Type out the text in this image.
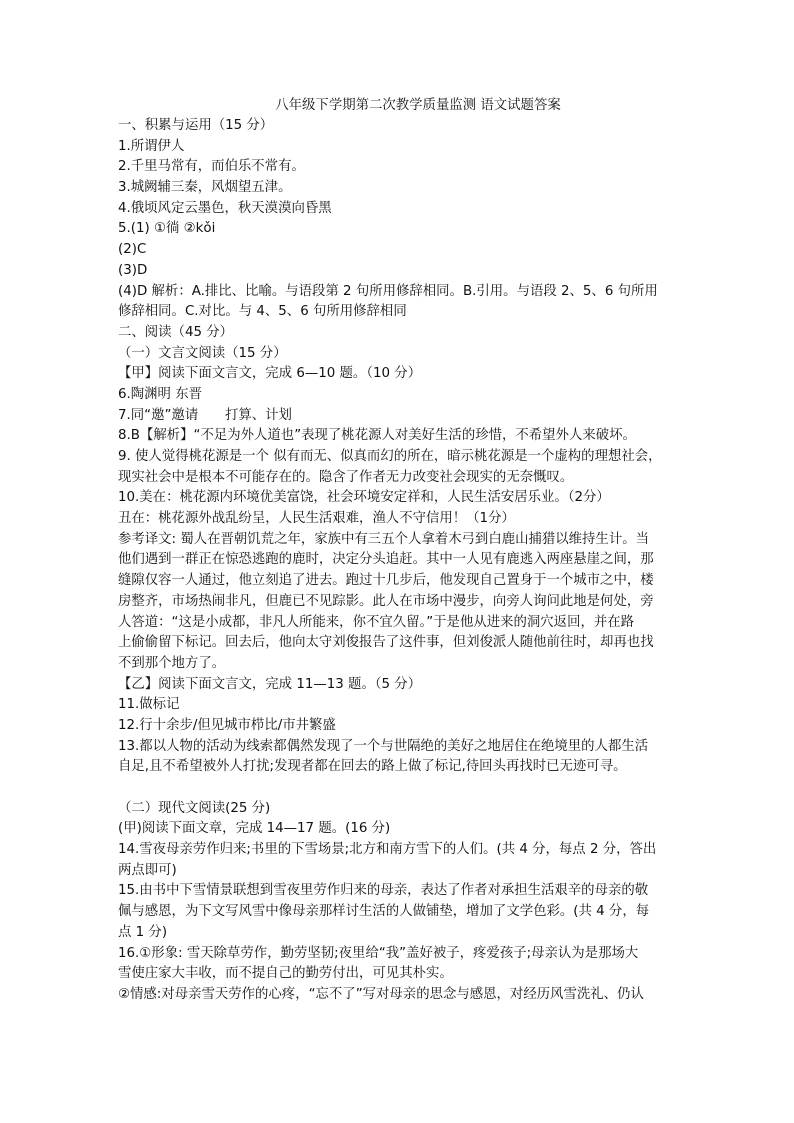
八年级下学期第二次教学质量监测 语文试题答案
一、积累与运用（15 分）
1.所谓伊人
2.千里马常有，而伯乐不常有。
3.城阙辅三秦，风烟望五津。
4.俄顷风定云墨色，秋天漠漠向昏黑
5.(1) ①徜 ②kǒi
(2)C
(3)D
(4)D 解析：A.排比、比喻。与语段第 2 句所用修辞相同。B.引用。与语段 2、5、6 句所用
修辞相同。C.对比。与 4、5、6 句所用修辞相同
二、阅读（45 分）
（一）文言文阅读（15 分）
【甲】阅读下面文言文，完成 6—10 题。（10 分）
6.陶渊明 东晋
7.同“邀”邀请　　打算、计划
8.B【解析】“不足为外人道也”表现了桃花源人对美好生活的珍惜，不希望外人来破坏。
9. 使人觉得桃花源是一个 似有而无、似真而幻的所在，暗示桃花源是一个虚构的理想社会，
现实社会中是根本不可能存在的。隐含了作者无力改变社会现实的无奈慨叹。
10.美在：桃花源内环境优美富饶，社会环境安定祥和，人民生活安居乐业。（2分）
丑在：桃花源外战乱纷呈，人民生活艰难，渔人不守信用！（1分）
参考译文: 蜀人在晋朝饥荒之年，家族中有三五个人拿着木弓到白鹿山捕猎以维持生计。当
他们遇到一群正在惊恐逃跑的鹿时，决定分头追赶。其中一人见有鹿逃入两座悬崖之间，那
缝隙仅容一人通过，他立刻追了进去。跑过十几步后，他发现自己置身于一个城市之中，楼
房整齐，市场热闹非凡，但鹿已不见踪影。此人在市场中漫步，向旁人询问此地是何处，旁
人答道：“这是小成都，非凡人所能来，你不宜久留。”于是他从进来的洞穴返回，并在路
上偷偷留下标记。回去后，他向太守刘俊报告了这件事，但刘俊派人随他前往时，却再也找
不到那个地方了。
【乙】阅读下面文言文，完成 11—13 题。（5 分）
11.做标记
12.行十余步/但见城市栉比/市井繁盛
13.都以人物的活动为线索都偶然发现了一个与世隔绝的美好之地居住在绝境里的人都生活
自足,且不希望被外人打扰;发现者都在回去的路上做了标记,待回头再找时已无迹可寻。
（二）现代文阅读(25 分)
(甲)阅读下面文章，完成 14—17 题。(16 分)
14.雪夜母亲劳作归来;书里的下雪场景;北方和南方雪下的人们。(共 4 分，每点 2 分，答出
两点即可)
15.由书中下雪情景联想到雪夜里劳作归来的母亲，表达了作者对承担生活艰辛的母亲的敬
佩与感恩，为下文写风雪中像母亲那样讨生活的人做铺垫，增加了文学色彩。(共 4 分，每
点 1 分)
16.①形象: 雪天除草劳作，勤劳坚韧;夜里给“我”盖好被子，疼爱孩子;母亲认为是那场大
雪使庄家大丰收，而不提自己的勤劳付出，可见其朴实。
②情感:对母亲雪天劳作的心疼，“忘不了”写对母亲的思念与感恩，对经历风雪洗礼、仍认
